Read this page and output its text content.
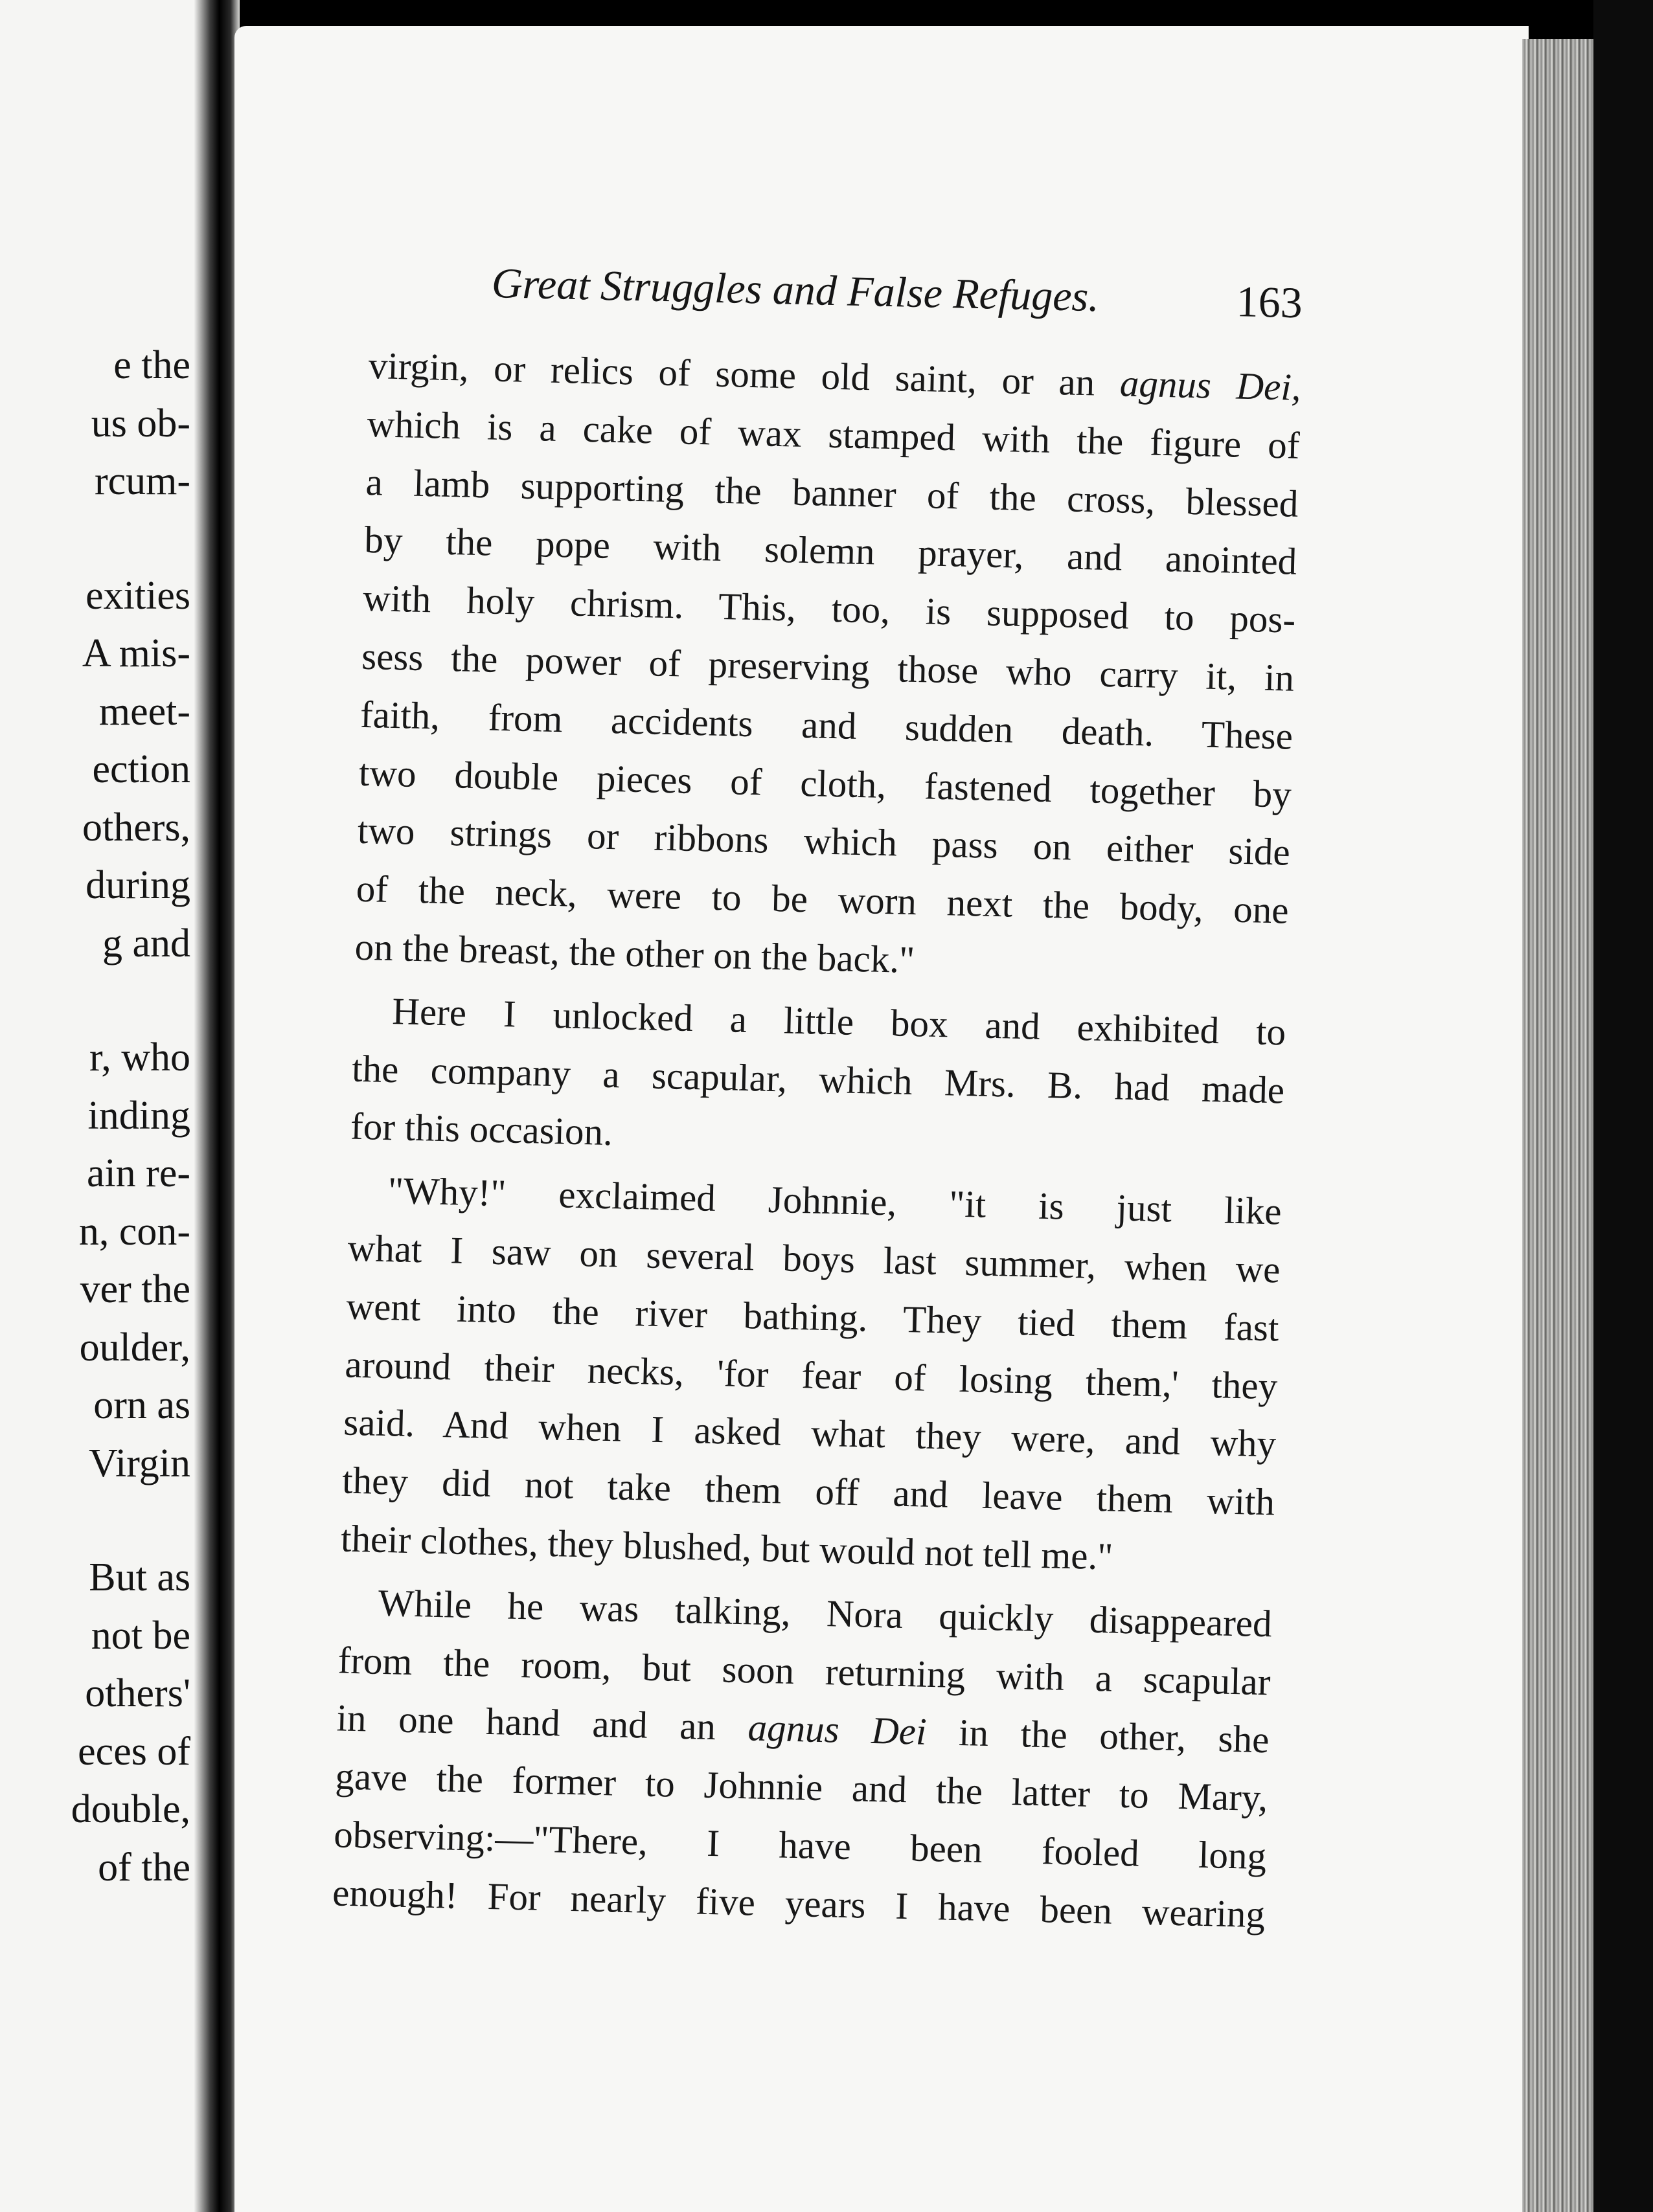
e the
us ob-
rcum-
exities
A mis-
meet-
ection
others,
during
g and
r, who
inding
ain re-
n, con-
ver the
oulder,
orn as
Virgin
But as
not be
others'
eces of
double,
of the
Great Struggles and False Refuges.	163
virgin, or relics of some old saint, or an agnus Dei,
which is a cake of wax stamped with the figure of
a lamb supporting the banner of the cross, blessed
by the pope with solemn prayer, and anointed
with holy chrism. This, too, is supposed to pos-
sess the power of preserving those who carry it, in
faith, from accidents and sudden death. These
two double pieces of cloth, fastened together by
two strings or ribbons which pass on either side
of the neck, were to be worn next the body, one
on the breast, the other on the back."
Here I unlocked a little box and exhibited to
the company a scapular, which Mrs. B. had made
for this occasion.
"Why!" exclaimed Johnnie, "it is just like
what I saw on several boys last summer, when we
went into the river bathing. They tied them fast
around their necks, 'for fear of losing them,' they
said. And when I asked what they were, and why
they did not take them off and leave them with
their clothes, they blushed, but would not tell me."
While he was talking, Nora quickly disappeared
from the room, but soon returning with a scapular
in one hand and an agnus Dei in the other, she
gave the former to Johnnie and the latter to Mary,
observing:—"There, I have been fooled long
enough! For nearly five years I have been wearing
